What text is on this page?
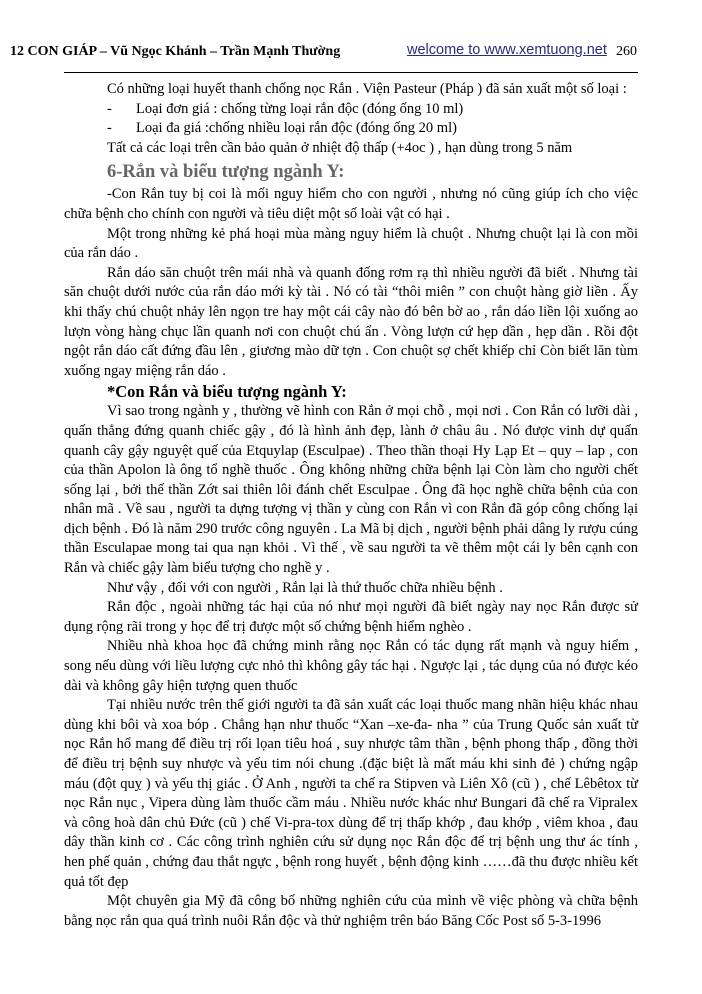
12 CON GIÁP – Vũ Ngọc Khánh – Trần Mạnh Thường	welcome to www.xemtuong.net 260

Có những loại huyết thanh chống nọc Rắn . Viện Pasteur (Pháp ) đã sản xuất một số loại :

-	Loại đơn giá : chống từng loại rắn độc (đóng ống 10 ml)
-	Loại đa giá :chống nhiều loại rắn độc (đóng ống 20 ml)

Tất cả các loại trên cần bảo quản ở nhiệt độ thấp (+4oc ) , hạn dùng trong 5 năm

6-Rắn và biểu tượng ngành Y:

-Con Rắn tuy bị coi là mối nguy hiểm cho con người , nhưng nó cũng giúp ích cho việc chữa bệnh cho chính con người và tiêu diệt một số loài vật có hại .

Một trong những kẻ phá hoại mùa màng nguy hiểm là chuột . Nhưng chuột lại là con mồi của rắn dáo .

Rắn dáo săn chuột trên mái nhà và quanh đống rơm rạ thì nhiều người đã biết . Nhưng tài săn chuột dưới nước của rắn dáo mới kỳ tài . Nó có tài “thôi miên ” con chuột hàng giờ liền . Ấy khi thấy chú chuột nhảy lên ngọn tre hay một cái cây nào đó bên bờ ao , rắn dáo liền lội xuống ao lượn vòng hàng chục lần quanh nơi con chuột chú ẩn . Vòng lượn cứ hẹp dần , hẹp dần . Rồi đột ngột rắn dáo cất đứng đầu lên , giương mào dữ tợn . Con chuột sợ chết khiếp chỉ Còn biết lăn tùm xuống ngay miệng rắn dáo .

*Con Rắn và biểu tượng ngành Y:

Vì sao trong ngành y , thường vẽ hình con Rắn ở mọi chỗ , mọi nơi . Con Rắn có lưỡi dài , quấn thẳng đứng quanh chiếc gậy , đó là hình ảnh đẹp, lành ở châu âu . Nó được vinh dự quấn quanh cây gậy nguyệt quế của Etquylap (Esculpae) . Theo thần thoại Hy Lạp Et – quy – lap , con của thần Apolon là ông tổ nghề thuốc . Ông không những chữa bệnh lại Còn làm cho người chết sống lại , bởi thế thần Zớt sai thiên lôi đánh chết Esculpae . Ông đã học nghề chữa bệnh của con nhân mã . Về sau , người ta dựng tượng vị thần y cùng con Rắn vì con Rắn đã góp công chống lại dịch bệnh . Đó là năm 290 trước công nguyên . La Mã bị dịch , người bệnh phải dâng ly rượu cúng thần Esculapae mong tai qua nạn khỏi . Vì thế , về sau người ta vẽ thêm một cái ly bên cạnh con Rắn và chiếc gậy làm biểu tượng cho nghề y .

Như vậy , đối với con người , Rắn lại là thứ thuốc chữa nhiều bệnh .

Rắn độc , ngoài những tác hại của nó như mọi người đã biết ngày nay nọc Rắn được sử dụng rộng rãi trong y học để trị được một số chứng bệnh hiểm nghèo .

Nhiều nhà khoa học đã chứng minh rằng nọc Rắn có tác dụng rất mạnh và nguy hiểm , song nếu dùng với liều lượng cực nhỏ thì không gây tác hại . Ngược lại , tác dụng của nó được kéo dài và không gây hiện tượng quen thuốc

Tại nhiều nước trên thế giới người ta đã sản xuất các loại thuốc mang nhãn hiệu khác nhau dùng khi bôi và xoa bóp . Chẳng hạn như thuốc “Xan –xe-đa- nha ” của Trung Quốc sản xuất từ nọc Rắn hổ mang để điều trị rối lọan tiêu hoá , suy nhược tâm thần , bệnh phong thấp , đồng thời để điều trị bệnh suy nhược và yếu tim nói chung .(đặc biệt là mất máu khi sinh đẻ ) chứng ngập máu (đột quỵ ) và yếu thị giác . Ở Anh , người ta chế ra Stipven và Liên Xô (cũ ) , chế Lêbêtox từ nọc Rắn nục , Vipera dùng làm thuốc cầm máu . Nhiều nước khác như Bungari đã chế ra Vipralex và công hoà dân chủ Đức (cũ ) chế Vi-pra-tox dùng để trị thấp khớp , đau khớp , viêm khoa , đau dây thần kinh cơ . Các công trình nghiên cứu sử dụng nọc Rắn độc để trị bệnh ung thư ác tính , hen phế quản , chứng đau thắt ngực , bệnh rong huyết , bệnh động kinh ……đã thu được nhiều kết quả tốt đẹp

Một chuyên gia Mỹ đã công bố những nghiên cứu của mình về việc phòng và chữa bệnh bằng nọc rắn qua quá trình nuôi Rắn độc và thử nghiệm trên báo Băng Cốc Post số 5-3-1996
